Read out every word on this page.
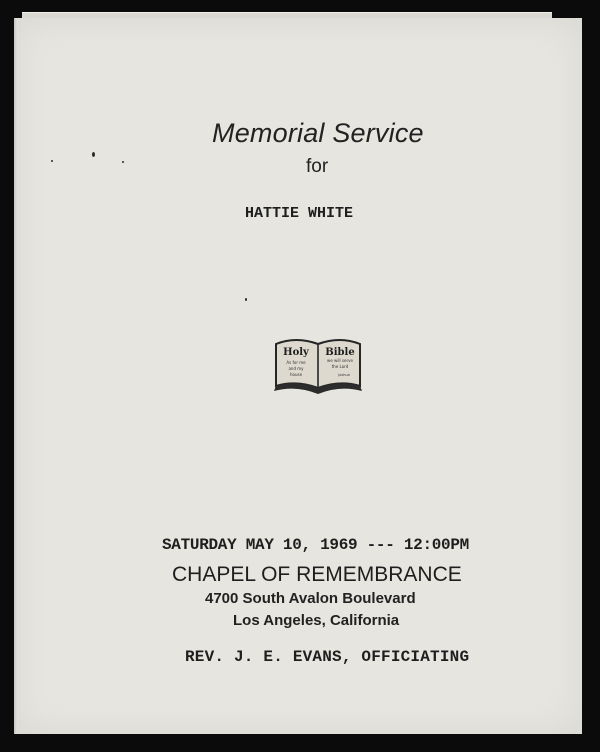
Memorial Service
for
HATTIE WHITE
Holy Bible
As for me
and my
house
we will serve
the Lord
Joshua
SATURDAY MAY 10, 1969 --- 12:00PM
CHAPEL OF REMEMBRANCE
4700 South Avalon Boulevard
Los Angeles, California
REV. J. E. EVANS, OFFICIATING
